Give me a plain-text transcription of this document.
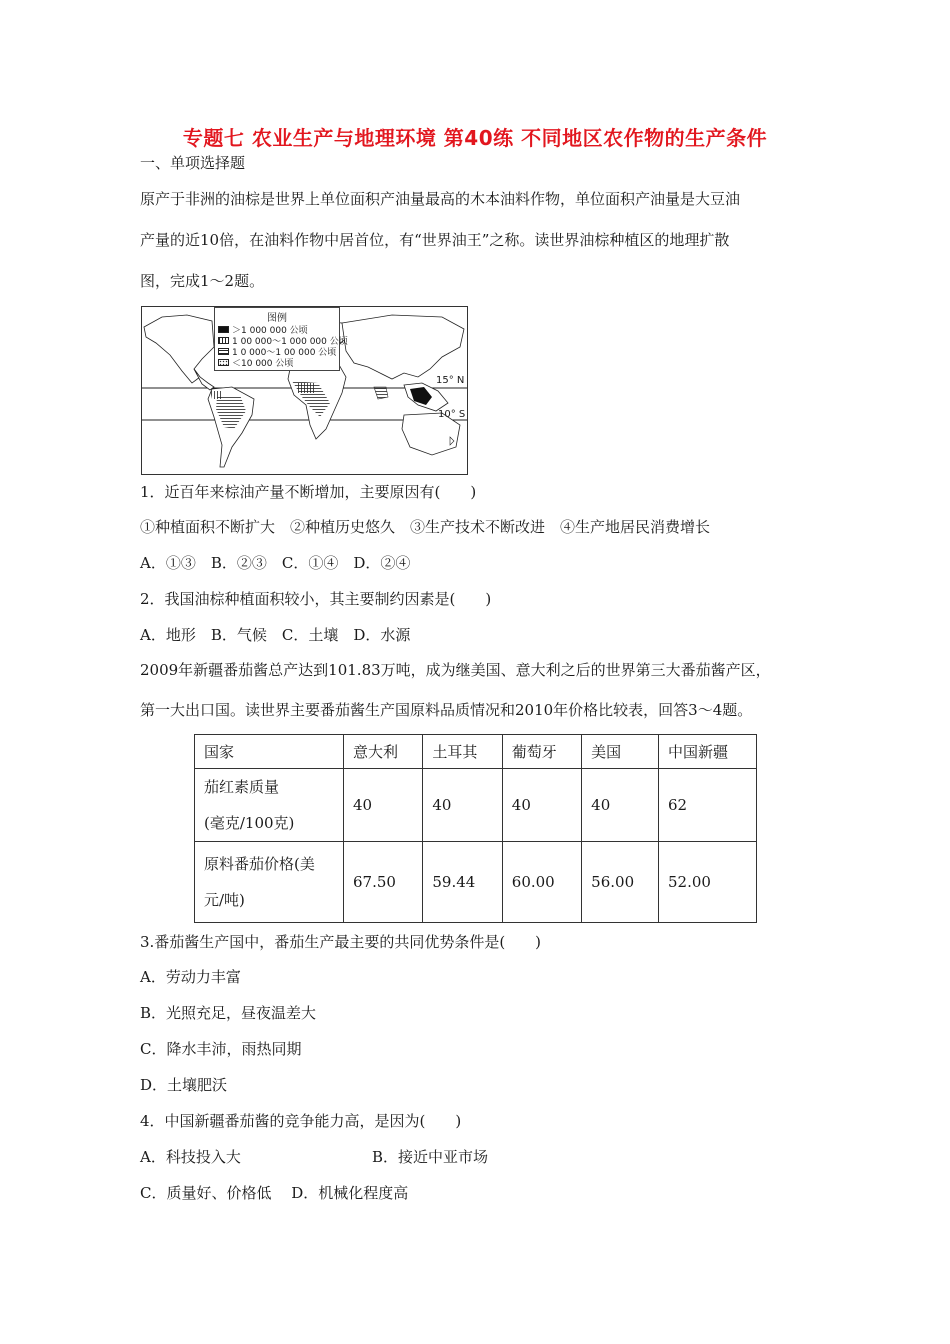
专题七 农业生产与地理环境 第40练 不同地区农作物的生产条件
一、单项选择题
原产于非洲的油棕是世界上单位面积产油量最高的木本油料作物，单位面积产油量是大豆油
产量的近10倍，在油料作物中居首位，有“世界油王”之称。读世界油棕种植区的地理扩散
图，完成1～2题。
图例
＞1 000 000 公顷
1 00 000～1 000 000 公顷
1 0 000～1 00 000 公顷
＜10 000 公顷
15° N
10° S
1．近百年来棕油产量不断增加，主要原因有(　　)
①种植面积不断扩大　②种植历史悠久　③生产技术不断改进　④生产地居民消费增长
A．①③　B．②③　C．①④　D．②④
2．我国油棕种植面积较小，其主要制约因素是(　　)
A．地形　B．气候　C．土壤　D．水源
2009年新疆番茄酱总产达到101.83万吨，成为继美国、意大利之后的世界第三大番茄酱产区，
第一大出口国。读世界主要番茄酱生产国原料品质情况和2010年价格比较表，回答3～4题。
国家	意大利	土耳其	葡萄牙	美国	中国新疆

茄红素质量
(毫克/100克)	40	40	40	40	62

原料番茄价格(美
元/吨)	67.50	59.44	60.00	56.00	52.00
3.番茄酱生产国中，番茄生产最主要的共同优势条件是(　　)
A．劳动力丰富
B．光照充足，昼夜温差大
C．降水丰沛，雨热同期
D．土壤肥沃
4．中国新疆番茄酱的竞争能力高，是因为(　　)
A．科技投入大	B．接近中亚市场
C．质量好、价格低　 D．机械化程度高
